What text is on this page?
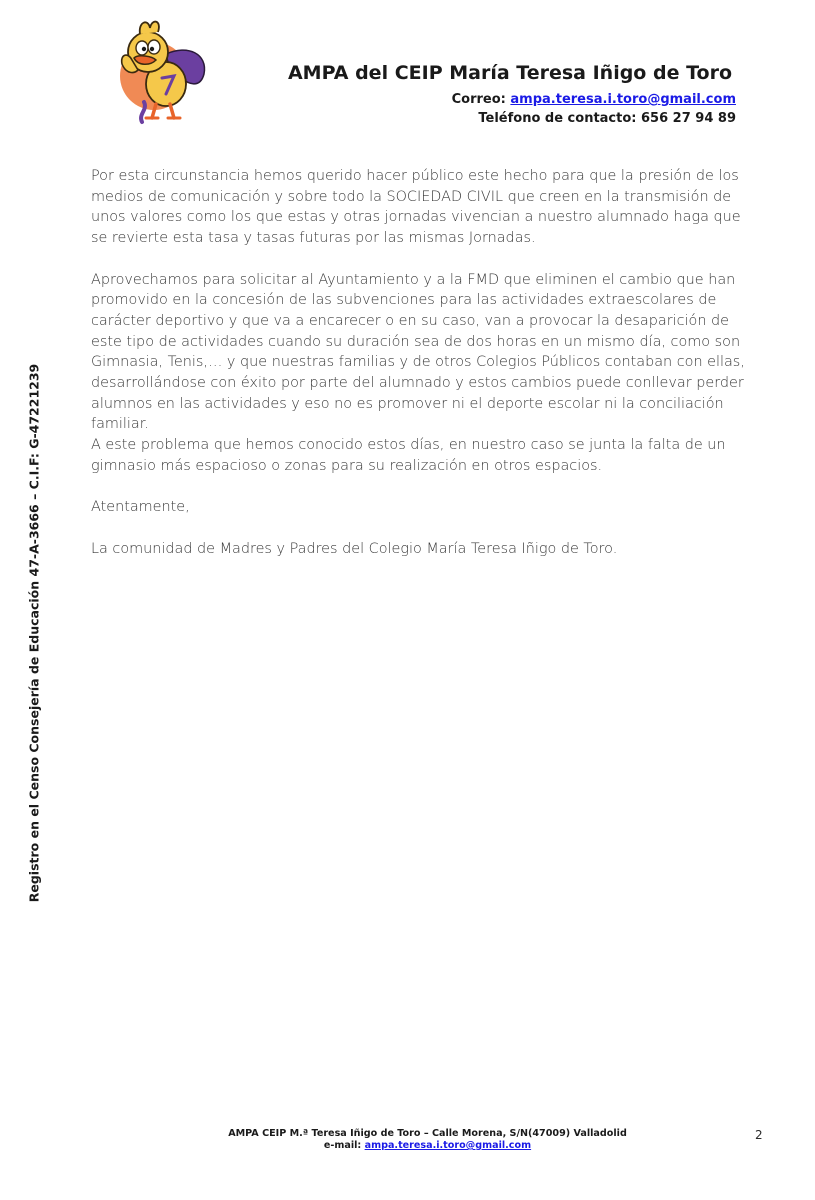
AMPA del CEIP María Teresa Iñigo de Toro
Correo: ampa.teresa.i.toro@gmail.com
Teléfono de contacto: 656 27 94 89
Registro en el Censo Consejería de Educación 47-A-3666 – C.I.F: G-47221239

Por esta circunstancia hemos querido hacer público este hecho para que la presión de los medios de comunicación y sobre todo la SOCIEDAD CIVIL que creen en la transmisión de unos valores como los que estas y otras jornadas vivencian a nuestro alumnado haga que se revierte esta tasa y tasas futuras por las mismas Jornadas.

Aprovechamos para solicitar al Ayuntamiento y a la FMD que eliminen el cambio que han promovido en la concesión de las subvenciones para las actividades extraescolares de carácter deportivo y que va a encarecer o en su caso, van a provocar la desaparición de este tipo de actividades cuando su duración sea de dos horas en un mismo día, como son Gimnasia, Tenis,… y que nuestras familias y de otros Colegios Públicos contaban con ellas, desarrollándose con éxito por parte del alumnado y estos cambios puede conllevar perder alumnos en las actividades y eso no es promover ni el deporte escolar ni la conciliación familiar.

A este problema que hemos conocido estos días, en nuestro caso se junta la falta de un gimnasio más espacioso o zonas para su realización en otros espacios.

Atentamente,

La comunidad de Madres y Padres del Colegio María Teresa Iñigo de Toro.

AMPA CEIP M.ª Teresa Iñigo de Toro – Calle Morena, S/N(47009) Valladolid
e-mail: ampa.teresa.i.toro@gmail.com
2
